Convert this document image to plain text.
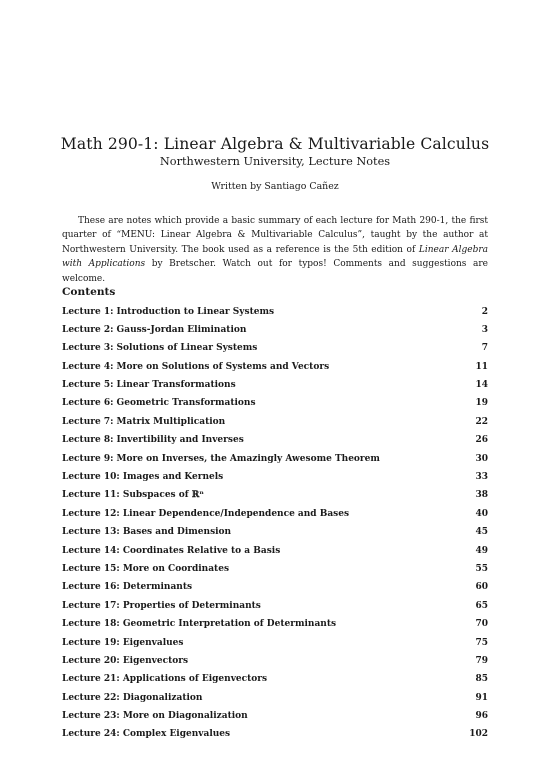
Math 290-1: Linear Algebra & Multivariable Calculus
Northwestern University, Lecture Notes
Written by Santiago Cañez

These are notes which provide a basic summary of each lecture for Math 290-1, the first quarter of “MENU: Linear Algebra & Multivariable Calculus”, taught by the author at Northwestern University. The book used as a reference is the 5th edition of Linear Algebra with Applications by Bretscher. Watch out for typos! Comments and suggestions are welcome.

Contents
Lecture 1: Introduction to Linear Systems	2
Lecture 2: Gauss-Jordan Elimination	3
Lecture 3: Solutions of Linear Systems	7
Lecture 4: More on Solutions of Systems and Vectors	11
Lecture 5: Linear Transformations	14
Lecture 6: Geometric Transformations	19
Lecture 7: Matrix Multiplication	22
Lecture 8: Invertibility and Inverses	26
Lecture 9: More on Inverses, the Amazingly Awesome Theorem	30
Lecture 10: Images and Kernels	33
Lecture 11: Subspaces of ℝⁿ	38
Lecture 12: Linear Dependence/Independence and Bases	40
Lecture 13: Bases and Dimension	45
Lecture 14: Coordinates Relative to a Basis	49
Lecture 15: More on Coordinates	55
Lecture 16: Determinants	60
Lecture 17: Properties of Determinants	65
Lecture 18: Geometric Interpretation of Determinants	70
Lecture 19: Eigenvalues	75
Lecture 20: Eigenvectors	79
Lecture 21: Applications of Eigenvectors	85
Lecture 22: Diagonalization	91
Lecture 23: More on Diagonalization	96
Lecture 24: Complex Eigenvalues	102
